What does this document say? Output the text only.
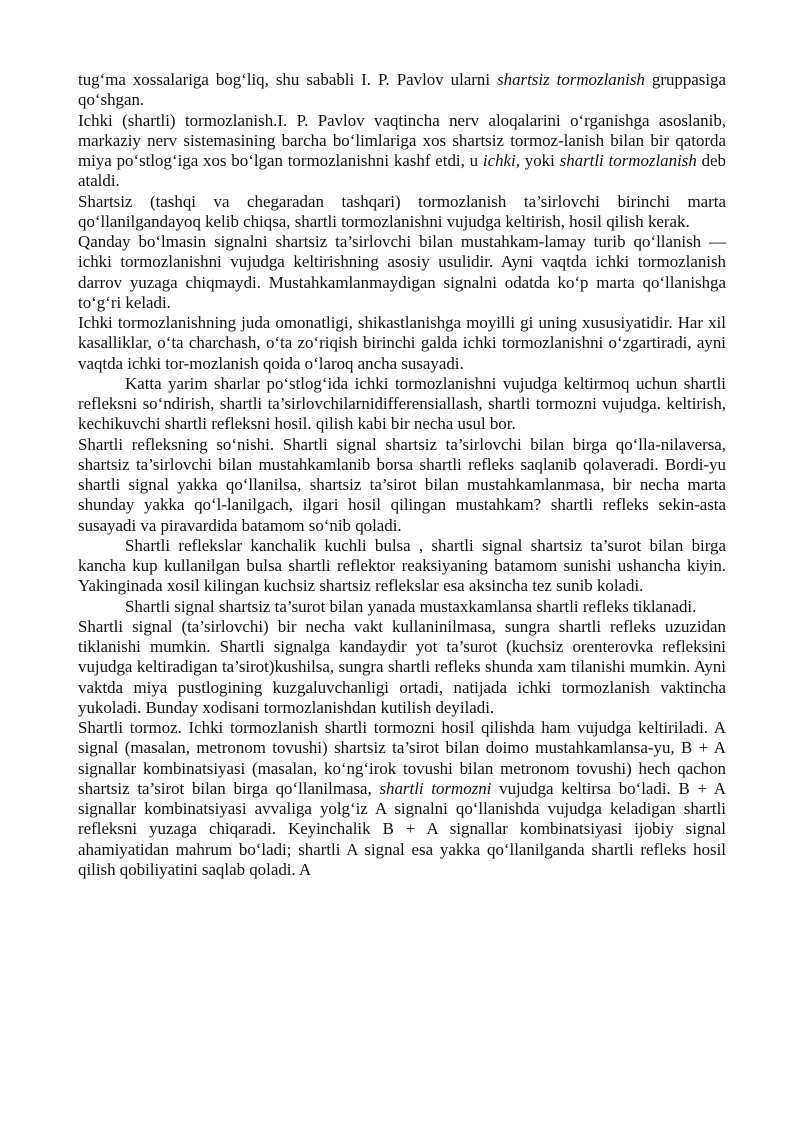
tug‘ma xossalariga bog‘liq, shu sababli I. P. Pavlov ularni shartsiz tormozlanish gruppasiga qo‘shgan.

Ichki (shartli) tormozlanish.I. P. Pavlov vaqtincha nerv aloqalarini o‘rganishga asoslanib, markaziy nerv sistemasining barcha bo‘limlariga xos shartsiz tormoz-lanish bilan bir qatorda miya po‘stlog‘iga xos bo‘lgan tormozlanishni kashf etdi, u ichki, yoki shartli tormozlanish deb ataldi.

Shartsiz (tashqi va chegaradan tashqari) tormozlanish ta’sirlovchi birinchi marta qo‘llanilgandayoq kelib chiqsa, shartli tormozlanishni vujudga keltirish, hosil qilish kerak.

Qanday bo‘lmasin signalni shartsiz ta’sirlovchi bilan mustahkam-lamay turib qo‘llanish — ichki tormozlanishni vujudga keltirishning asosiy usulidir. Ayni vaqtda ichki tormozlanish darrov yuzaga chiqmaydi. Mustahkamlanmaydigan signalni odatda ko‘p marta qo‘llanishga to‘g‘ri keladi.

Ichki tormozlanishning juda omonatligi, shikastlanishga moyilli gi uning xususiyatidir. Har xil kasalliklar, o‘ta charchash, o‘ta zo‘riqish birinchi galda ichki tormozlanishni o‘zgartiradi, ayni vaqtda ichki tor-mozlanish qoida o‘laroq ancha susayadi.

Katta yarim sharlar po‘stlog‘ida ichki tormozlanishni vujudga keltirmoq uchun shartli refleksni so‘ndirish, shartli ta’sirlovchilarnidifferensiallash, shartli tormozni vujudga. keltirish, kechikuvchi shartli refleksni hosil. qilish kabi bir necha usul bor.

Shartli refleksning so‘nishi. Shartli signal shartsiz ta’sirlovchi bilan birga qo‘lla-nilaversa, shartsiz ta’sirlovchi bilan mustahkamlanib borsa shartli refleks saqlanib qolaveradi. Bordi-yu shartli signal yakka qo‘llanilsa, shartsiz ta’sirot bilan mustahkamlanmasa, bir necha marta shunday yakka qo‘l-lanilgach, ilgari hosil qilingan mustahkam? shartli refleks sekin-asta susayadi va piravardida batamom so‘nib qoladi.

Shartli reflekslar kanchalik kuchli bulsa , shartli signal shartsiz ta’surot bilan birga kancha kup kullanilgan bulsa shartli reflektor reaksiyaning batamom sunishi ushancha kiyin. Yakinginada xosil kilingan kuchsiz shartsiz reflekslar esa aksincha tez sunib koladi.

Shartli signal shartsiz ta’surot bilan yanada mustaxkamlansa shartli refleks tiklanadi.

Shartli signal (ta’sirlovchi) bir necha vakt kullaninilmasa, sungra shartli refleks uzuzidan tiklanishi mumkin. Shartli signalga kandaydir yot ta’surot (kuchsiz orenterovka refleksini vujudga keltiradigan ta’sirot)kushilsa, sungra shartli refleks shunda xam tilanishi mumkin. Ayni vaktda miya pustlogining kuzgaluvchanligi ortadi, natijada ichki tormozlanish vaktincha yukoladi. Bunday xodisani tormozlanishdan kutilish deyiladi.

Shartli tormoz. Ichki tormozlanish shartli tormozni hosil qilishda ham vujudga keltiriladi. A signal (masalan, metronom tovushi) shartsiz ta’sirot bilan doimo mustahkamlansa-yu, B + A signallar kombinatsiyasi (masalan, ko‘ng‘irok tovushi bilan metronom tovushi) hech qachon shartsiz ta’sirot bilan birga qo‘llanilmasa, shartli tormozni vujudga keltirsa bo‘ladi. B + A signallar kombinatsiyasi avvaliga yolg‘iz A signalni qo‘llanishda vujudga keladigan shartli refleksni yuzaga chiqaradi. Keyinchalik B + A signallar kombinatsiyasi ijobiy signal ahamiyatidan mahrum bo‘ladi; shartli A signal esa yakka qo‘llanilganda shartli refleks hosil qilish qobiliyatini saqlab qoladi. A
